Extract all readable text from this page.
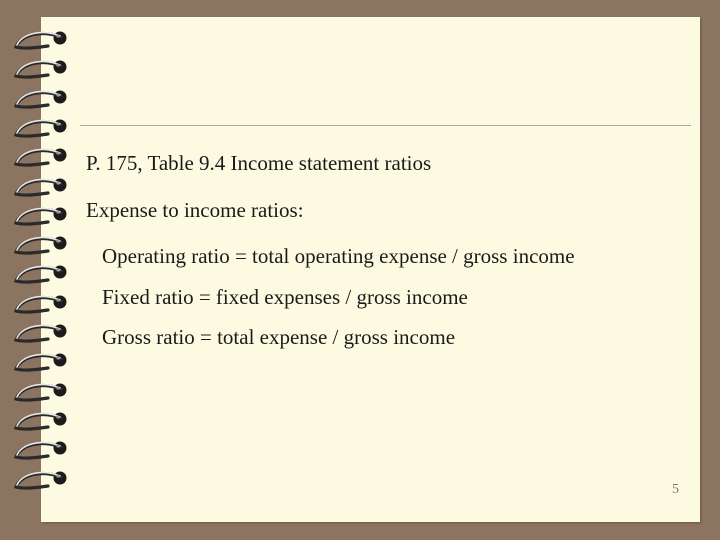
P. 175, Table 9.4 Income statement ratios
Expense to income ratios:
Operating ratio = total operating expense / gross income
Fixed ratio = fixed expenses / gross income
Gross ratio = total expense / gross income
5
